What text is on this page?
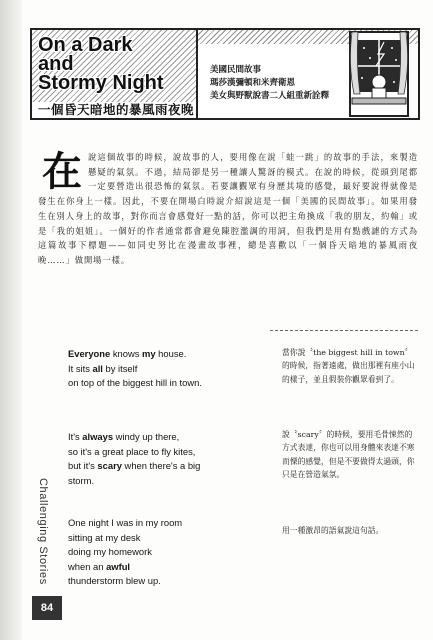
On a Dark
and
Stormy Night
一個昏天暗地的暴風雨夜晚
美國民間故事
瑪莎漢彌頓和米齊衛恩
美女與野獸說書二人組重新詮釋
在 說這個故事的時候，說故事的人，要用像在說「蛙一跳」的故事的手法，來製造懸疑的氣氛。不過，結局卻是另一種讓人驚訝的模式。在說的時候，從頭到尾都一定要營造出很恐怖的氣氛。若要讓觀眾有身歷其境的感覺，最好要說得就像是發生在你身上一樣。因此，不要在開場白時說介紹說這是一個「美國的民間故事」。如果用發生在別人身上的故事，對你而言會感覺好一點的話，你可以把主角換成「我的朋友，約翰」或是「我的姐姐」。一個好的作者通常都會避免陳腔濫調的用詞，但我們是用有點戲謔的方式為這篇故事下標題——如同史努比在漫畫故事裡，總是喜歡以「一個昏天暗地的暴風雨夜晚……」做開場一樣。

Everyone knows my house.
It sits all by itself
on top of the biggest hill in town.
It's always windy up there,
so it's a great place to fly kites,
but it's scary when there's a big
storm.
One night I was in my room
sitting at my desk
doing my homework
when an awful
thunderstorm blew up.
當你說〝the biggest hill in town〞的時候，指著遠處，做出那裡有座小山的樣子，並且假裝你觀眾看到了。
說〝scary〞的時候，要用毛骨悚然的方式表達，你也可以用身體來表達不寒而慄的感覺，但是不要做得太過頭，你只是在營造氣氛。
用一種激昂的語氣說這句話。
Challenging Stories
84
